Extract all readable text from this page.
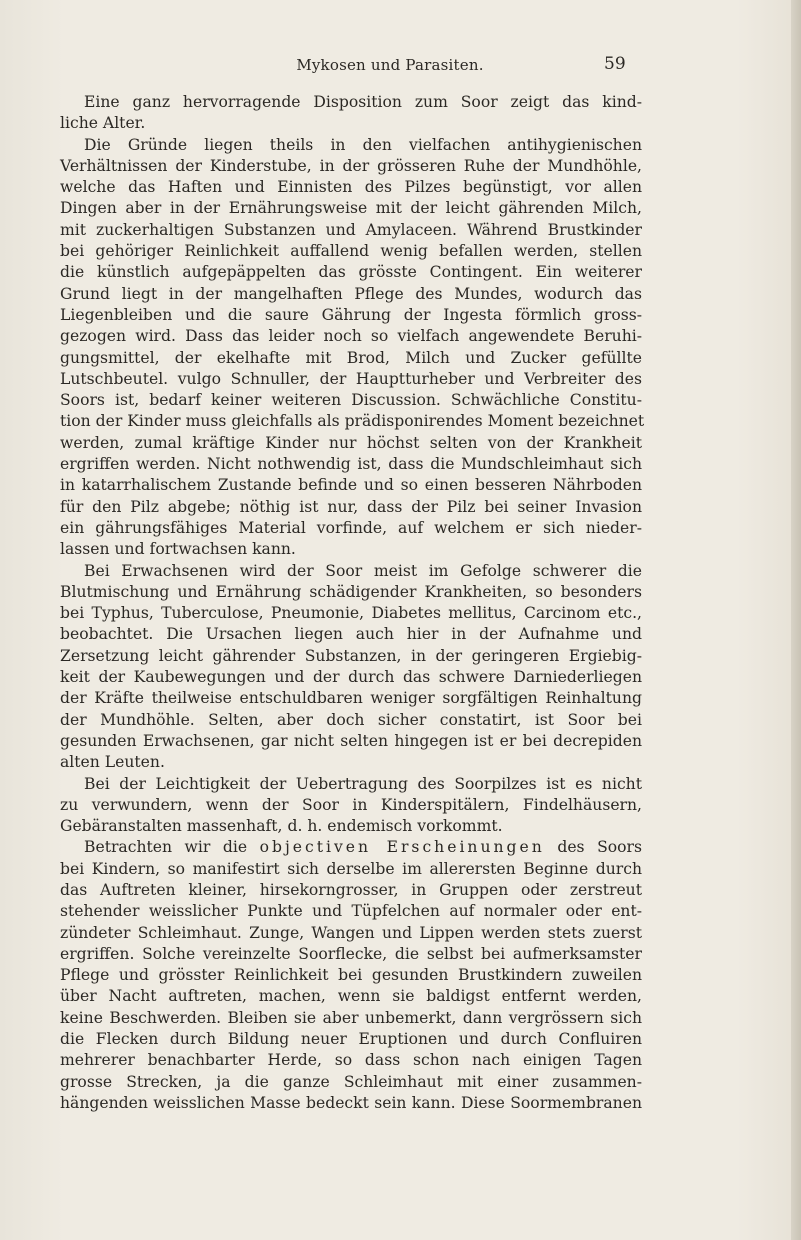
Mykosen und Parasiten.	59
Eine ganz hervorragende Disposition zum Soor zeigt das kind-
liche Alter.
Die Gründe liegen theils in den vielfachen antihygienischen
Verhältnissen der Kinderstube, in der grösseren Ruhe der Mundhöhle,
welche das Haften und Einnisten des Pilzes begünstigt, vor allen
Dingen aber in der Ernährungsweise mit der leicht gährenden Milch,
mit zuckerhaltigen Substanzen und Amylaceen. Während Brustkinder
bei gehöriger Reinlichkeit auffallend wenig befallen werden, stellen
die künstlich aufgepäppelten das grösste Contingent. Ein weiterer
Grund liegt in der mangelhaften Pflege des Mundes, wodurch das
Liegenbleiben und die saure Gährung der Ingesta förmlich gross-
gezogen wird. Dass das leider noch so vielfach angewendete Beruhi-
gungsmittel, der ekelhafte mit Brod, Milch und Zucker gefüllte
Lutschbeutel. vulgo Schnuller, der Hauptturheber und Verbreiter des
Soors ist, bedarf keiner weiteren Discussion. Schwächliche Constitu-
tion der Kinder muss gleichfalls als prädisponirendes Moment bezeichnet
werden, zumal kräftige Kinder nur höchst selten von der Krankheit
ergriffen werden. Nicht nothwendig ist, dass die Mundschleimhaut sich
in katarrhalischem Zustande befinde und so einen besseren Nährboden
für den Pilz abgebe; nöthig ist nur, dass der Pilz bei seiner Invasion
ein gährungsfähiges Material vorfinde, auf welchem er sich nieder-
lassen und fortwachsen kann.
Bei Erwachsenen wird der Soor meist im Gefolge schwerer die
Blutmischung und Ernährung schädigender Krankheiten, so besonders
bei Typhus, Tuberculose, Pneumonie, Diabetes mellitus, Carcinom etc.,
beobachtet. Die Ursachen liegen auch hier in der Aufnahme und
Zersetzung leicht gährender Substanzen, in der geringeren Ergiebig-
keit der Kaubewegungen und der durch das schwere Darniederliegen
der Kräfte theilweise entschuldbaren weniger sorgfältigen Reinhaltung
der Mundhöhle. Selten, aber doch sicher constatirt, ist Soor bei
gesunden Erwachsenen, gar nicht selten hingegen ist er bei decrepiden
alten Leuten.
Bei der Leichtigkeit der Uebertragung des Soorpilzes ist es nicht
zu verwundern, wenn der Soor in Kinderspitälern, Findelhäusern,
Gebäranstalten massenhaft, d. h. endemisch vorkommt.
Betrachten wir die objectiven Erscheinungen des Soors
bei Kindern, so manifestirt sich derselbe im allerersten Beginne durch
das Auftreten kleiner, hirsekorngrosser, in Gruppen oder zerstreut
stehender weisslicher Punkte und Tüpfelchen auf normaler oder ent-
zündeter Schleimhaut. Zunge, Wangen und Lippen werden stets zuerst
ergriffen. Solche vereinzelte Soorflecke, die selbst bei aufmerksamster
Pflege und grösster Reinlichkeit bei gesunden Brustkindern zuweilen
über Nacht auftreten, machen, wenn sie baldigst entfernt werden,
keine Beschwerden. Bleiben sie aber unbemerkt, dann vergrössern sich
die Flecken durch Bildung neuer Eruptionen und durch Confluiren
mehrerer benachbarter Herde, so dass schon nach einigen Tagen
grosse Strecken, ja die ganze Schleimhaut mit einer zusammen-
hängenden weisslichen Masse bedeckt sein kann. Diese Soormembranen
